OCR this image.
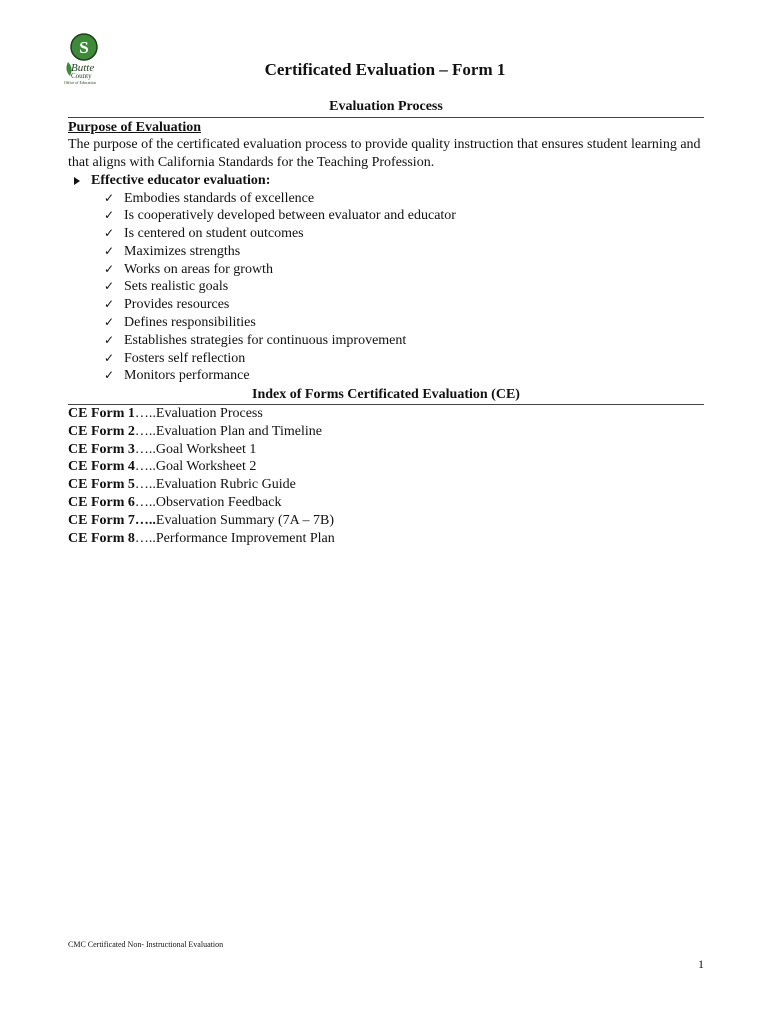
S
Butte
County
Office of Education
Certificated Evaluation – Form 1
Evaluation Process
Purpose of Evaluation

The purpose of the certificated evaluation process to provide quality instruction that ensures student learning and that aligns with California Standards for the Teaching Profession.

Effective educator evaluation:
✓ Embodies standards of excellence
✓ Is cooperatively developed between evaluator and educator
✓ Is centered on student outcomes
✓ Maximizes strengths
✓ Works on areas for growth
✓ Sets realistic goals
✓ Provides resources
✓ Defines responsibilities
✓ Establishes strategies for continuous improvement
✓ Fosters self reflection
✓ Monitors performance
Index of Forms Certificated Evaluation (CE)
CE Form 1…..Evaluation Process
CE Form 2…..Evaluation Plan and Timeline
CE Form 3…..Goal Worksheet 1
CE Form 4…..Goal Worksheet 2
CE Form 5…..Evaluation Rubric Guide
CE Form 6…..Observation Feedback
CE Form 7…..Evaluation Summary (7A – 7B)
CE Form 8…..Performance Improvement Plan
CMC Certificated Non- Instructional Evaluation
1
